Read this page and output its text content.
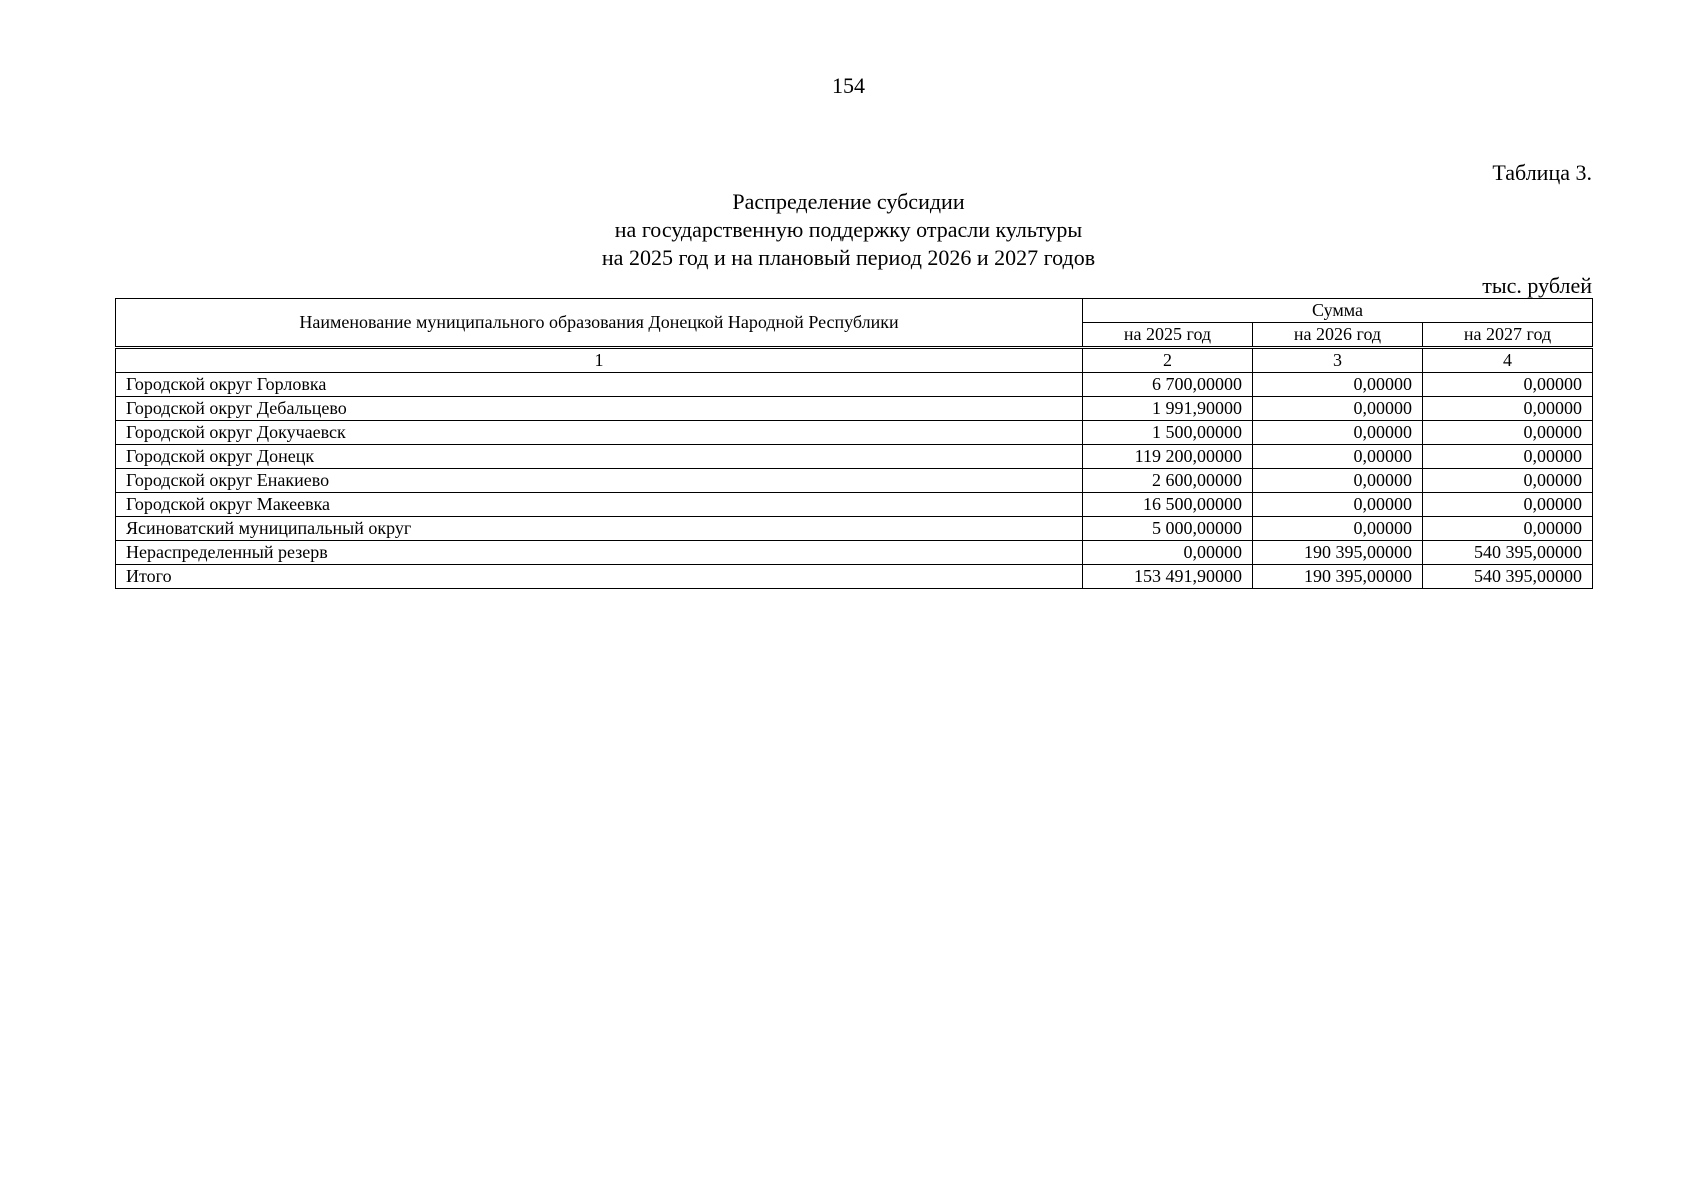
154
Таблица 3.
Распределение субсидии
на государственную поддержку отрасли культуры
на 2025 год и на плановый период 2026 и 2027 годов
тыс. рублей
Наименование муниципального образования Донецкой Народной Республики	Сумма		
	на 2025 год	на 2026 год	на 2027 год
1	2	3	4
Городской округ Горловка	6 700,00000	0,00000	0,00000
Городской округ Дебальцево	1 991,90000	0,00000	0,00000
Городской округ Докучаевск	1 500,00000	0,00000	0,00000
Городской округ Донецк	119 200,00000	0,00000	0,00000
Городской округ Енакиево	2 600,00000	0,00000	0,00000
Городской округ Макеевка	16 500,00000	0,00000	0,00000
Ясиноватский муниципальный округ	5 000,00000	0,00000	0,00000
Нераспределенный резерв	0,00000	190 395,00000	540 395,00000
Итого	153 491,90000	190 395,00000	540 395,00000
